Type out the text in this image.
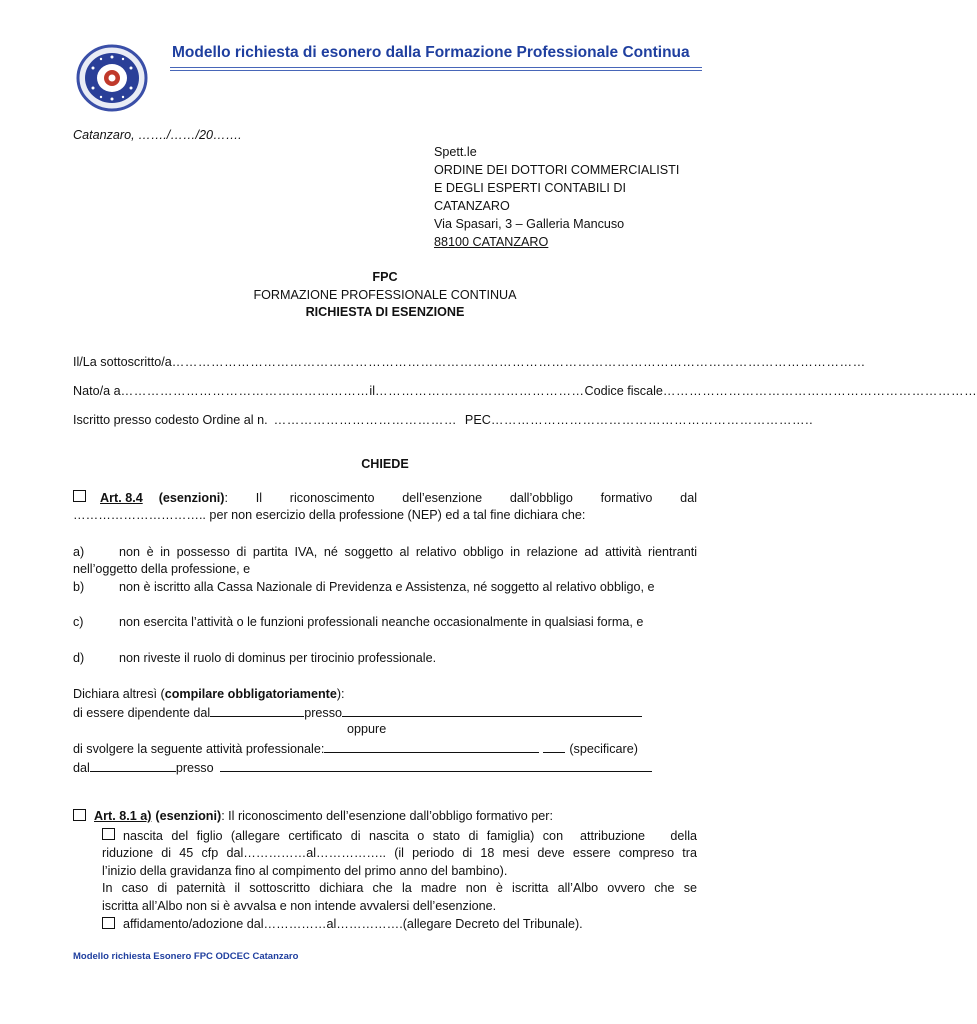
Modello richiesta di esonero dalla Formazione Professionale Continua
Catanzaro, ……./……/20…….
Spett.le
ORDINE DEI DOTTORI COMMERCIALISTI
E DEGLI ESPERTI CONTABILI DI
CATANZARO
Via Spasari, 3 – Galleria Mancuso
88100 CATANZARO
FPC
FORMAZIONE PROFESSIONALE CONTINUA
RICHIESTA DI ESENZIONE
Il/La sottoscritto/a ……………………………………………………………………………………………………………………………………………
Nato/a a ………………………………………………… il ………………………………………… Codice fiscale ………………………………………………………………
Iscritto presso codesto Ordine al n. …………………………………… PEC ………………………………………………………………..
CHIEDE
Art. 8.4 (esenzioni) : Il riconoscimento dell’esenzione dall’obbligo formativo dal
………………………….. per non esercizio della professione (NEP) ed a tal fine dichiara che:
a)	non è in possesso di partita IVA, né soggetto al relativo obbligo in relazione ad attività rientranti nell’oggetto della professione, e
b)	non è iscritto alla Cassa Nazionale di Previdenza e Assistenza, né soggetto al relativo obbligo, e
c)	non esercita l’attività o le funzioni professionali neanche occasionalmente in qualsiasi forma, e
d)	non riveste il ruolo di dominus per tirocinio professionale.
Dichiara altresì (compilare obbligatoriamente):
di essere dipendente dal	presso
oppure
di svolgere la seguente attività professionale:	(specificare)
dal	presso
Art. 8.1 a) (esenzioni): Il riconoscimento dell’esenzione dall’obbligo formativo per:
nascita del figlio (allegare certificato di nascita o stato di famiglia) con  attribuzione   della
riduzione di 45 cfp dal……………al…………….. (il periodo di 18 mesi deve essere compreso tra
l’inizio della gravidanza fino al compimento del primo anno del bambino).
In caso di paternità il sottoscritto dichiara che la madre non è iscritta all’Albo ovvero che se
iscritta all’Albo non si è avvalsa e non intende avvalersi dell’esenzione.
affidamento/adozione dal……………al…………….(allegare Decreto del Tribunale).
Modello richiesta Esonero FPC ODCEC Catanzaro
